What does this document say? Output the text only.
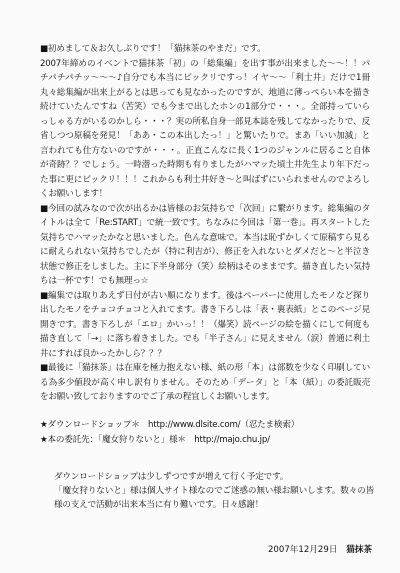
■初めまして＆お久しぶりです！「猫抹茶のやまだ」です。

2007年締めのイベントで猫抹茶「初」の「総集編」を出す事が出来ました～～！！パチパチパチッ～～～♪自分でも本当にビックリですっ！イヤ～～「利士井」だけで1冊丸々総集編が出来上がるとは思っても見なかったのですが、地道に薄っぺらい本を描き続けていたんですね（苦笑）でも今まで出したホンの1部分で・・・。全部持っていらっしゃる方がいるのかしら・・・？実の所私自身一部見本誌を残してなかったりで、反省しつつ原稿を発見！「ああ・この本出したっ！」と驚いたりで。まあ「いい加減」と言われても仕方ないのですが・・・。正直こんなに長く1つのジャンルに居ること自体が奇跡？？でしょう。一時潜った時期も有りましたがハマッた頃土井先生より年下だった事に更にビックリ！！！これからも利士井好き～と叫ばずにいられませんのでよろしくお願いします！

■今回の試みなので次が出るかは皆様のお気持ちで「次回」に繋がります。総集編のタイトルは全て「Re:START」で統一致です。ちなみに今回は「第一巻」。再スタートした気持ちでハマッたかなと思いました。色んな意味で。本当は恥ずかしくて原稿すら見るに耐えられない気持ちでしたが（特に利吉が）、修正を入れないとダメだと～と半泣き状態で修正をしました。主に下半身部分（笑）絵柄はそのままです。描き直したい気持ちは一杯です！でも無理っ☆

■編集では取りあえず日付が古い順になります。後はペーパーに使用したモノなど探り出したモノをチョコチョコと入れてます。書き下ろしは「表・裏表紙」とこのページ見開きです。書き下ろしが「エロ」かいっ！！（爆笑）読ページの絵を描くにして何度も描き直して「→」に落ち着きました。でも「半子さん」に見えません（涙）普通に利土井にすれば良かったかしら？？？

■最後に「猫抹茶」は在庫を極力抱えない様、紙の形「本」は部数を少なく印刷している為多少値段が高く申し訳有りません。そのため「データ」と「本（紙）」の委託販売をお願い致しておりますのでご了承の程宜しくお願いします。

★ダウンロードショップ＊　http://www.dlsite.com/（忍たま検索）
★本の委託先：「魔女狩りないと」様＊　http://majo.chu.jp/

ダウンロードショップは少しずつですが増えて行く予定です。

「魔女狩りないと」様は個人サイト様なのでご迷惑の無い様お願いします。数々の皆様の支えで活動が出来本当に有り難いです。日々感謝！

2007年12月29日 猫抹茶
